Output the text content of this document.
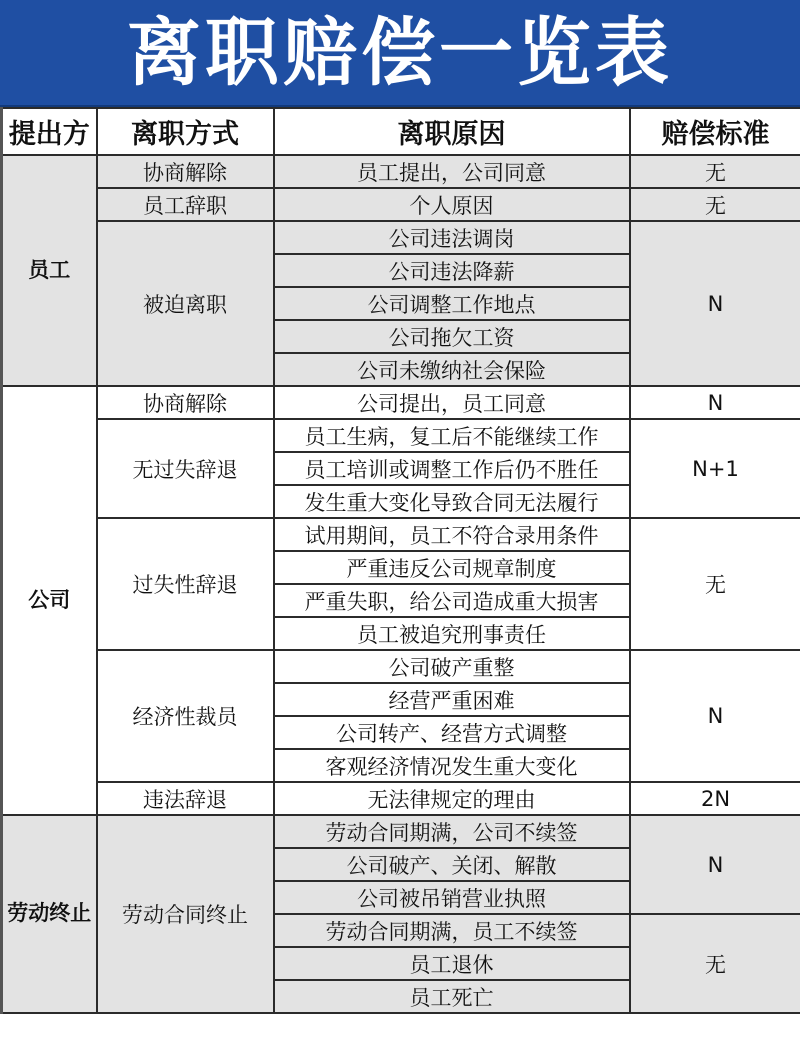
离职赔偿一览表
提出方	离职方式	离职原因	赔偿标准
员工	协商解除	员工提出，公司同意	无
	员工辞职	个人原因	无
	被迫离职	公司违法调岗	N
		公司违法降薪	
		公司调整工作地点	
		公司拖欠工资	
		公司未缴纳社会保险	
公司	协商解除	公司提出，员工同意	N
	无过失辞退	员工生病，复工后不能继续工作	N+1
		员工培训或调整工作后仍不胜任	
		发生重大变化导致合同无法履行	
	过失性辞退	试用期间，员工不符合录用条件	无
		严重违反公司规章制度	
		严重失职，给公司造成重大损害	
		员工被追究刑事责任	
	经济性裁员	公司破产重整	N
		经营严重困难	
		公司转产、经营方式调整	
		客观经济情况发生重大变化	
	违法辞退	无法律规定的理由	2N
劳动终止	劳动合同终止	劳动合同期满，公司不续签	N
		公司破产、关闭、解散	
		公司被吊销营业执照	
		劳动合同期满，员工不续签	无
		员工退休	
		员工死亡	
